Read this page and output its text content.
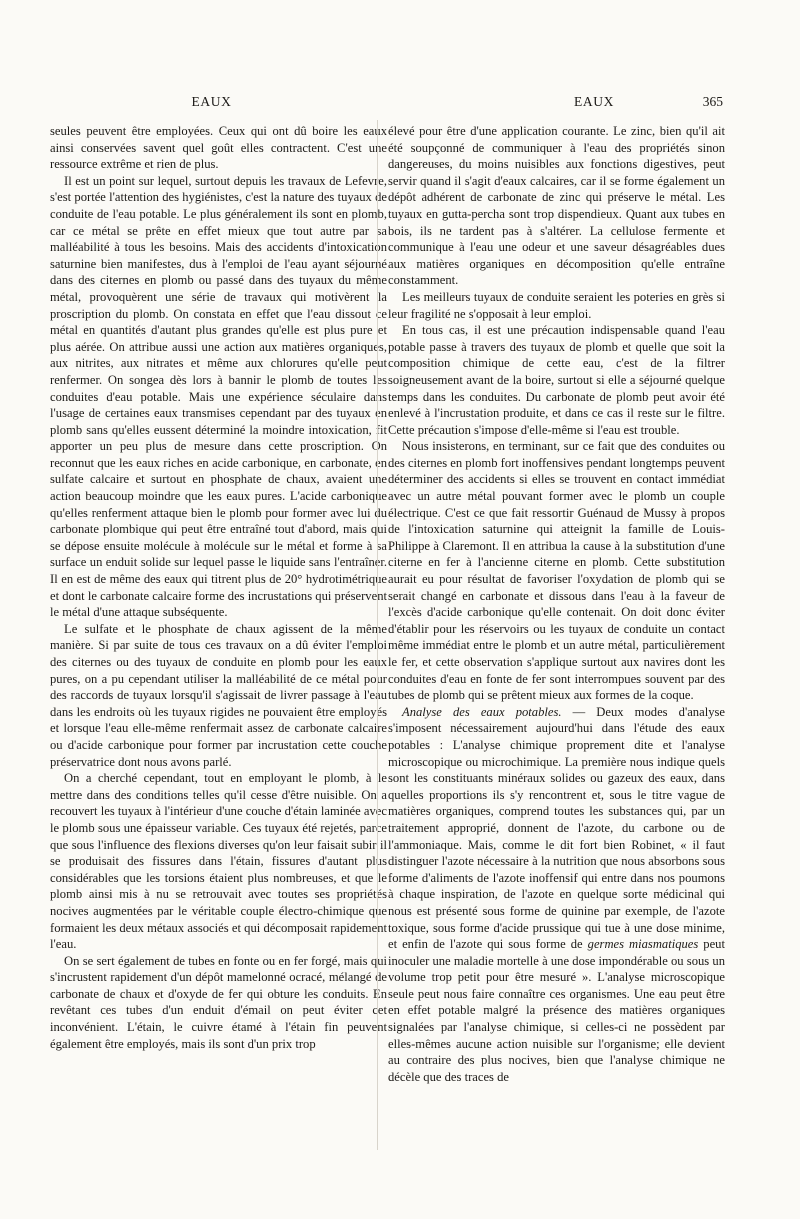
EAUX	EAUX	365

seules peuvent être employées. Ceux qui ont dû boire les eaux ainsi conservées savent quel goût elles contractent. C'est une ressource extrême et rien de plus.

Il est un point sur lequel, surtout depuis les travaux de Lefevre, s'est portée l'attention des hygiénistes, c'est la nature des tuyaux de conduite de l'eau potable. Le plus généralement ils sont en plomb, car ce métal se prête en effet mieux que tout autre par sa malléabilité à tous les besoins. Mais des accidents d'intoxication saturnine bien manifestes, dus à l'emploi de l'eau ayant séjourné dans des citernes en plomb ou passé dans des tuyaux du même métal, provoquèrent une série de travaux qui motivèrent la proscription du plomb. On constata en effet que l'eau dissout ce métal en quantités d'autant plus grandes qu'elle est plus pure et plus aérée. On attribue aussi une action aux matières organiques, aux nitrites, aux nitrates et même aux chlorures qu'elle peut renfermer. On songea dès lors à bannir le plomb de toutes les conduites d'eau potable. Mais une expérience séculaire dans l'usage de certaines eaux transmises cependant par des tuyaux en plomb sans qu'elles eussent déterminé la moindre intoxication, fit apporter un peu plus de mesure dans cette proscription. On reconnut que les eaux riches en acide carbonique, en carbonate, en sulfate calcaire et surtout en phosphate de chaux, avaient une action beaucoup moindre que les eaux pures. L'acide carbonique qu'elles renferment attaque bien le plomb pour former avec lui du carbonate plombique qui peut être entraîné tout d'abord, mais qui se dépose ensuite molécule à molécule sur le métal et forme à sa surface un enduit solide sur lequel passe le liquide sans l'entraîner. Il en est de même des eaux qui titrent plus de 20° hydrotimétrique et dont le carbonate calcaire forme des incrustations qui préservent le métal d'une attaque subséquente.

Le sulfate et le phosphate de chaux agissent de la même manière. Si par suite de tous ces travaux on a dû éviter l'emploi des citernes ou des tuyaux de conduite en plomb pour les eaux pures, on a pu cependant utiliser la malléabilité de ce métal pour des raccords de tuyaux lorsqu'il s'agissait de livrer passage à l'eau dans les endroits où les tuyaux rigides ne pouvaient être employés et lorsque l'eau elle-même renfermait assez de carbonate calcaire ou d'acide carbonique pour former par incrustation cette couche préservatrice dont nous avons parlé.

On a cherché cependant, tout en employant le plomb, à le mettre dans des conditions telles qu'il cesse d'être nuisible. On a recouvert les tuyaux à l'intérieur d'une couche d'étain laminée avec le plomb sous une épaisseur variable. Ces tuyaux été rejetés, parce que sous l'influence des flexions diverses qu'on leur faisait subir il se produisait des fissures dans l'étain, fissures d'autant plus considérables que les torsions étaient plus nombreuses, et que le plomb ainsi mis à nu se retrouvait avec toutes ses propriétés nocives augmentées par le véritable couple électro-chimique que formaient les deux métaux associés et qui décomposait rapidement l'eau.

On se sert également de tubes en fonte ou en fer forgé, mais qui s'incrustent rapidement d'un dépôt mamelonné ocracé, mélangé de carbonate de chaux et d'oxyde de fer qui obture les conduits. En revêtant ces tubes d'un enduit d'émail on peut éviter cet inconvénient. L'étain, le cuivre étamé à l'étain fin peuvent également être employés, mais ils sont d'un prix trop

élevé pour être d'une application courante. Le zinc, bien qu'il ait été soupçonné de communiquer à l'eau des propriétés sinon dangereuses, du moins nuisibles aux fonctions digestives, peut servir quand il s'agit d'eaux calcaires, car il se forme également un dépôt adhérent de carbonate de zinc qui préserve le métal. Les tuyaux en gutta-percha sont trop dispendieux. Quant aux tubes en bois, ils ne tardent pas à s'altérer. La cellulose fermente et communique à l'eau une odeur et une saveur désagréables dues aux matières organiques en décomposition qu'elle entraîne constamment.

Les meilleurs tuyaux de conduite seraient les poteries en grès si leur fragilité ne s'opposait à leur emploi.

En tous cas, il est une précaution indispensable quand l'eau potable passe à travers des tuyaux de plomb et quelle que soit la composition chimique de cette eau, c'est de la filtrer soigneusement avant de la boire, surtout si elle a séjourné quelque temps dans les conduites. Du carbonate de plomb peut avoir été enlevé à l'incrustation produite, et dans ce cas il reste sur le filtre. Cette précaution s'impose d'elle-même si l'eau est trouble.

Nous insisterons, en terminant, sur ce fait que des conduites ou des citernes en plomb fort inoffensives pendant longtemps peuvent déterminer des accidents si elles se trouvent en contact immédiat avec un autre métal pouvant former avec le plomb un couple électrique. C'est ce que fait ressortir Guénaud de Mussy à propos de l'intoxication saturnine qui atteignit la famille de Louis-Philippe à Claremont. Il en attribua la cause à la substitution d'une citerne en fer à l'ancienne citerne en plomb. Cette substitution aurait eu pour résultat de favoriser l'oxydation de plomb qui se serait changé en carbonate et dissous dans l'eau à la faveur de l'excès d'acide carbonique qu'elle contenait. On doit donc éviter d'établir pour les réservoirs ou les tuyaux de conduite un contact même immédiat entre le plomb et un autre métal, particulièrement le fer, et cette observation s'applique surtout aux navires dont les conduites d'eau en fonte de fer sont interrompues souvent par des tubes de plomb qui se prêtent mieux aux formes de la coque.

Analyse des eaux potables. — Deux modes d'analyse s'imposent nécessairement aujourd'hui dans l'étude des eaux potables : L'analyse chimique proprement dite et l'analyse microscopique ou microchimique. La première nous indique quels sont les constituants minéraux solides ou gazeux des eaux, dans quelles proportions ils s'y rencontrent et, sous le titre vague de matières organiques, comprend toutes les substances qui, par un traitement approprié, donnent de l'azote, du carbone ou de l'ammoniaque. Mais, comme le dit fort bien Robinet, « il faut distinguer l'azote nécessaire à la nutrition que nous absorbons sous forme d'aliments de l'azote inoffensif qui entre dans nos poumons à chaque inspiration, de l'azote en quelque sorte médicinal qui nous est présenté sous forme de quinine par exemple, de l'azote toxique, sous forme d'acide prussique qui tue à une dose minime, et enfin de l'azote qui sous forme de germes miasmatiques peut inoculer une maladie mortelle à une dose impondérable ou sous un volume trop petit pour être mesuré ». L'analyse microscopique seule peut nous faire connaître ces organismes. Une eau peut être en effet potable malgré la présence des matières organiques signalées par l'analyse chimique, si celles-ci ne possèdent par elles-mêmes aucune action nuisible sur l'organisme; elle devient au contraire des plus nocives, bien que l'analyse chimique ne décèle que des traces de
